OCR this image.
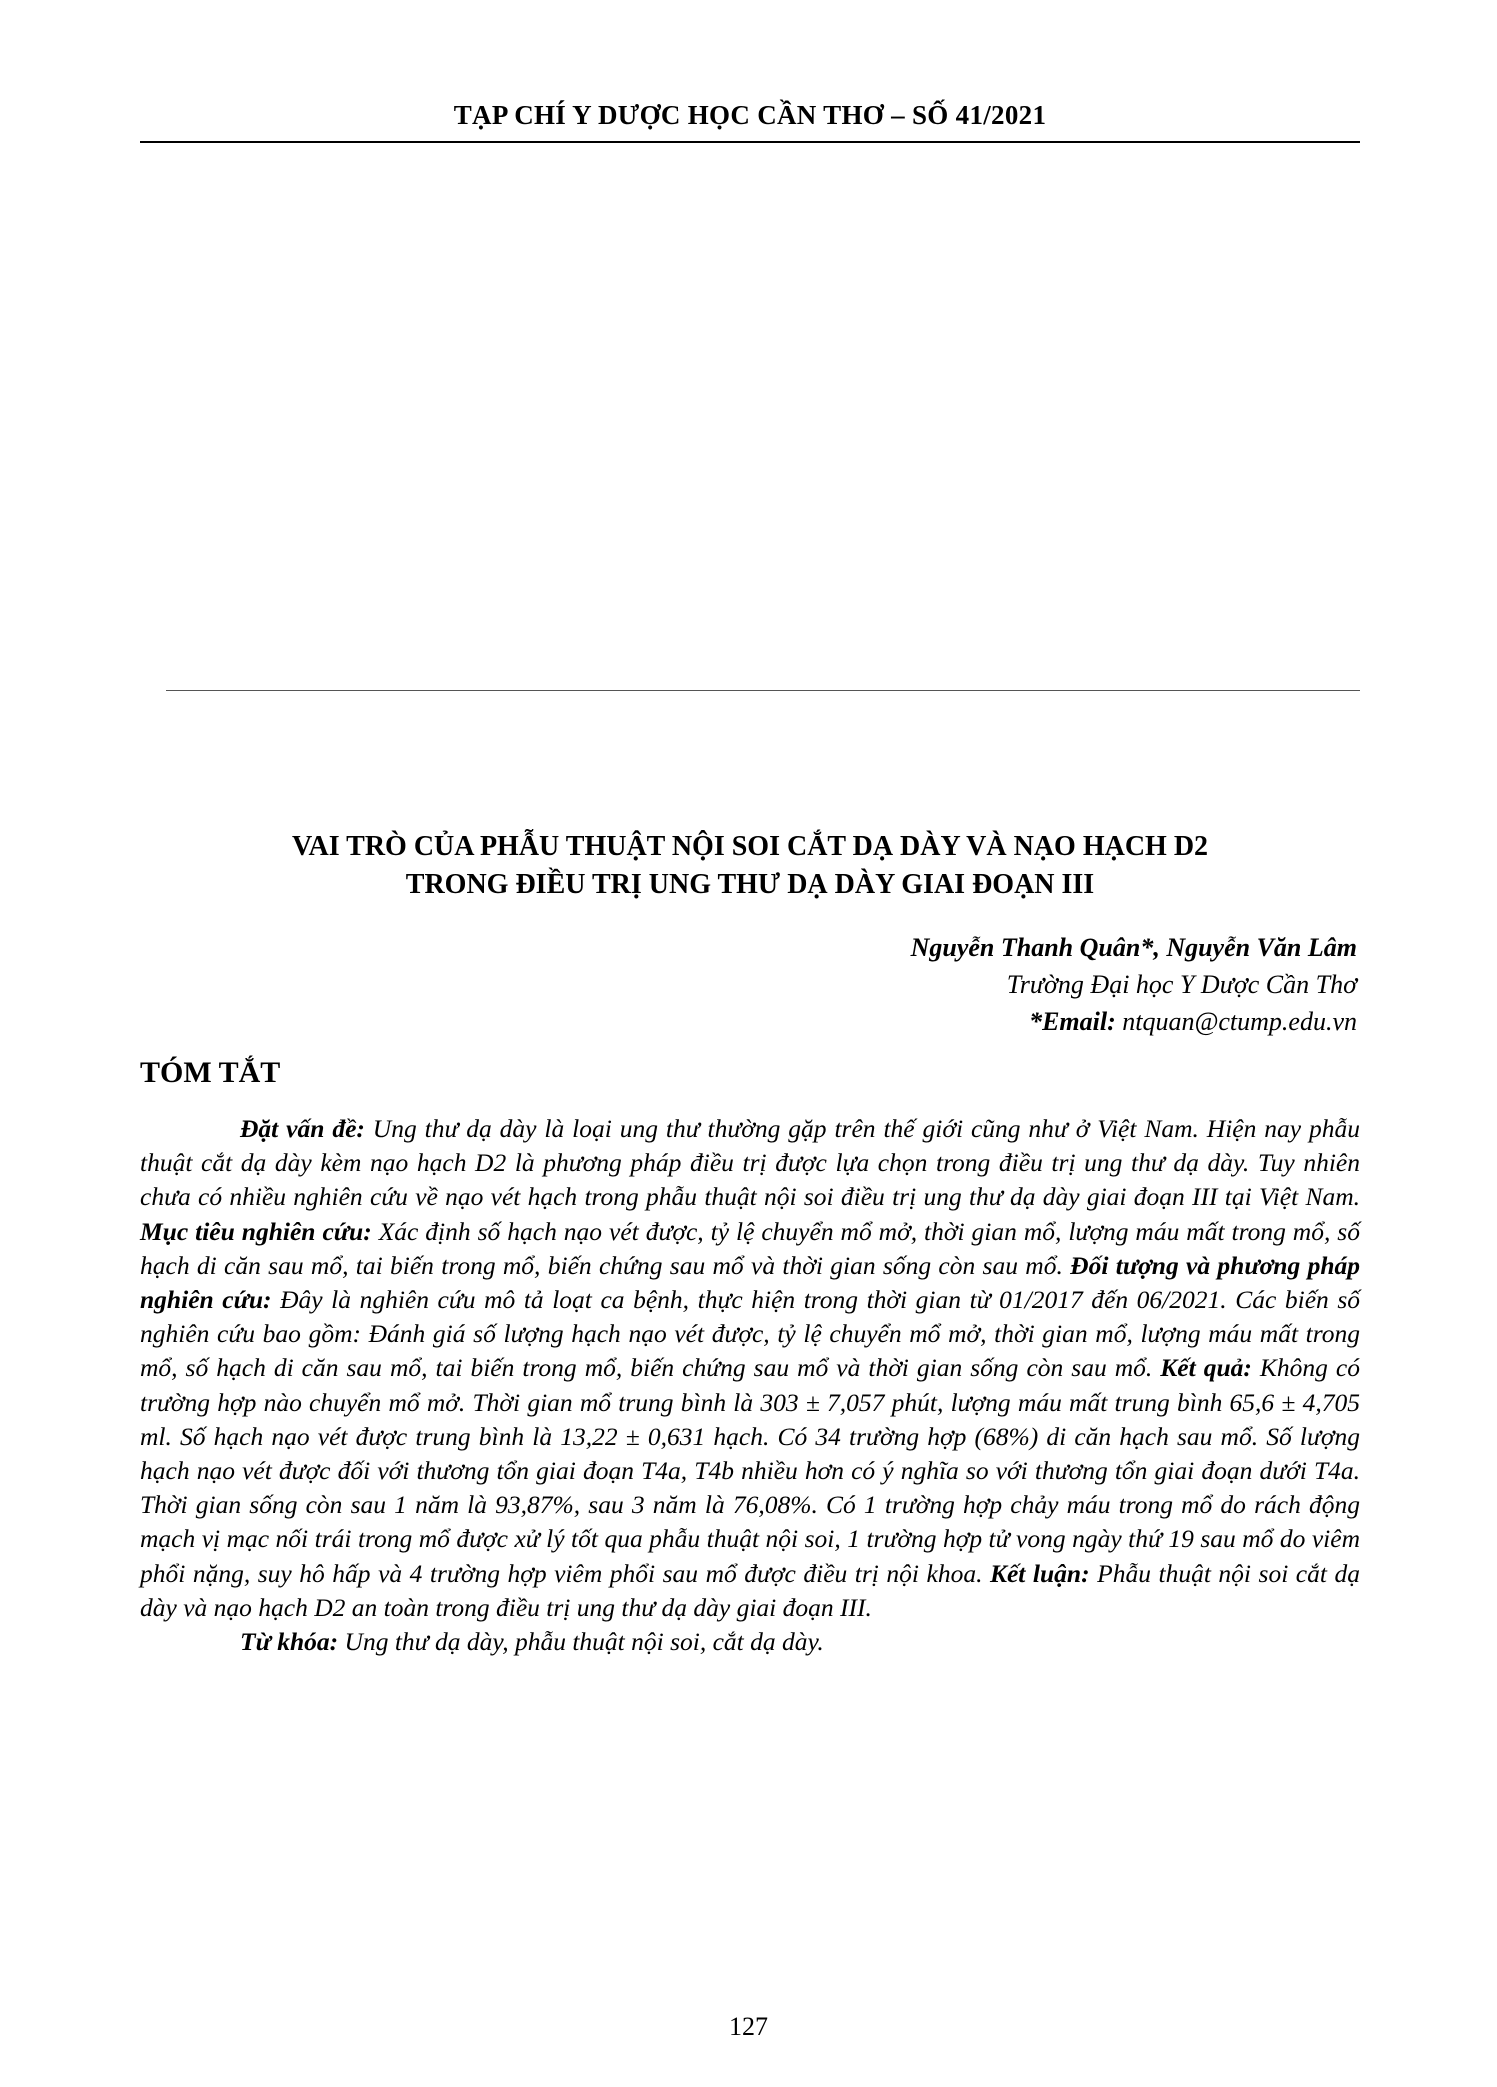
TẠP CHÍ Y DƯỢC HỌC CẦN THƠ – SỐ 41/2021
VAI TRÒ CỦA PHẪU THUẬT NỘI SOI CẮT DẠ DÀY VÀ NẠO HẠCH D2
TRONG ĐIỀU TRỊ UNG THƯ DẠ DÀY GIAI ĐOẠN III
Nguyễn Thanh Quân*, Nguyễn Văn Lâm
Trường Đại học Y Dược Cần Thơ
*Email: ntquan@ctump.edu.vn
TÓM TẮT

Đặt vấn đề: Ung thư dạ dày là loại ung thư thường gặp trên thế giới cũng như ở Việt Nam. Hiện nay phẫu thuật cắt dạ dày kèm nạo hạch D2 là phương pháp điều trị được lựa chọn trong điều trị ung thư dạ dày. Tuy nhiên chưa có nhiều nghiên cứu về nạo vét hạch trong phẫu thuật nội soi điều trị ung thư dạ dày giai đoạn III tại Việt Nam. Mục tiêu nghiên cứu: Xác định số hạch nạo vét được, tỷ lệ chuyển mổ mở, thời gian mổ, lượng máu mất trong mổ, số hạch di căn sau mổ, tai biến trong mổ, biến chứng sau mổ và thời gian sống còn sau mổ. Đối tượng và phương pháp nghiên cứu: Đây là nghiên cứu mô tả loạt ca bệnh, thực hiện trong thời gian từ 01/2017 đến 06/2021. Các biến số nghiên cứu bao gồm: Đánh giá số lượng hạch nạo vét được, tỷ lệ chuyển mổ mở, thời gian mổ, lượng máu mất trong mổ, số hạch di căn sau mổ, tai biến trong mổ, biến chứng sau mổ và thời gian sống còn sau mổ. Kết quả: Không có trường hợp nào chuyển mổ mở. Thời gian mổ trung bình là 303 ± 7,057 phút, lượng máu mất trung bình 65,6 ± 4,705 ml. Số hạch nạo vét được trung bình là 13,22 ± 0,631 hạch. Có 34 trường hợp (68%) di căn hạch sau mổ. Số lượng hạch nạo vét được đối với thương tổn giai đoạn T4a, T4b nhiều hơn có ý nghĩa so với thương tổn giai đoạn dưới T4a. Thời gian sống còn sau 1 năm là 93,87%, sau 3 năm là 76,08%. Có 1 trường hợp chảy máu trong mổ do rách động mạch vị mạc nối trái trong mổ được xử lý tốt qua phẫu thuật nội soi, 1 trường hợp tử vong ngày thứ 19 sau mổ do viêm phổi nặng, suy hô hấp và 4 trường hợp viêm phổi sau mổ được điều trị nội khoa. Kết luận: Phẫu thuật nội soi cắt dạ dày và nạo hạch D2 an toàn trong điều trị ung thư dạ dày giai đoạn III.

Từ khóa: Ung thư dạ dày, phẫu thuật nội soi, cắt dạ dày.

127
